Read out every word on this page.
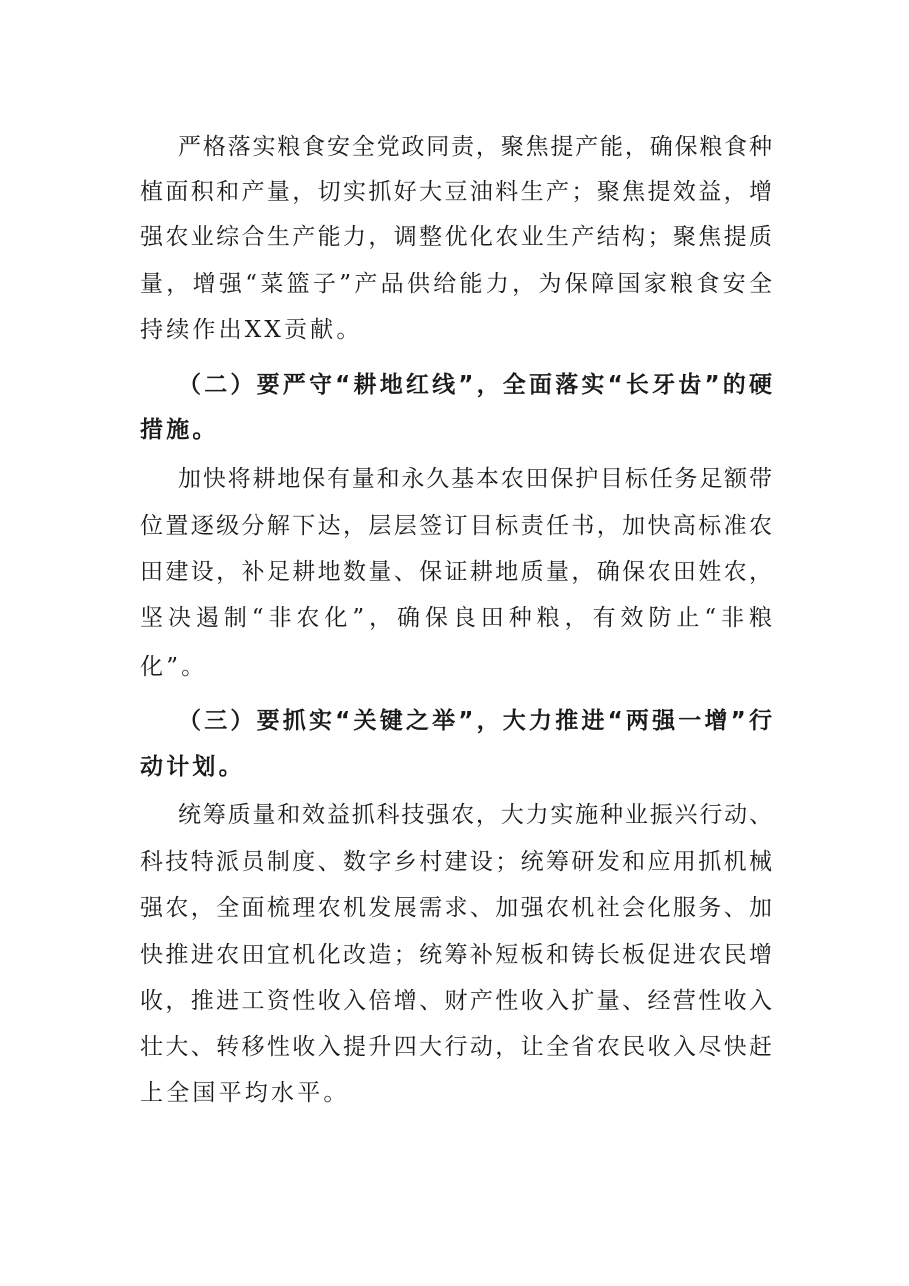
严格落实粮食安全党政同责，聚焦提产能，确保粮食种
植面积和产量，切实抓好大豆油料生产；聚焦提效益，增
强农业综合生产能力，调整优化农业生产结构；聚焦提质
量，增强“菜篮子”产品供给能力，为保障国家粮食安全
持续作出XX贡献。
（二）要严守“耕地红线”，全面落实“长牙齿”的硬
措施。
加快将耕地保有量和永久基本农田保护目标任务足额带
位置逐级分解下达，层层签订目标责任书，加快高标准农
田建设，补足耕地数量、保证耕地质量，确保农田姓农，
坚决遏制“非农化”，确保良田种粮，有效防止“非粮
化”。
（三）要抓实“关键之举”，大力推进“两强一增”行
动计划。
统筹质量和效益抓科技强农，大力实施种业振兴行动、
科技特派员制度、数字乡村建设；统筹研发和应用抓机械
强农，全面梳理农机发展需求、加强农机社会化服务、加
快推进农田宜机化改造；统筹补短板和铸长板促进农民增
收，推进工资性收入倍增、财产性收入扩量、经营性收入
壮大、转移性收入提升四大行动，让全省农民收入尽快赶
上全国平均水平。
